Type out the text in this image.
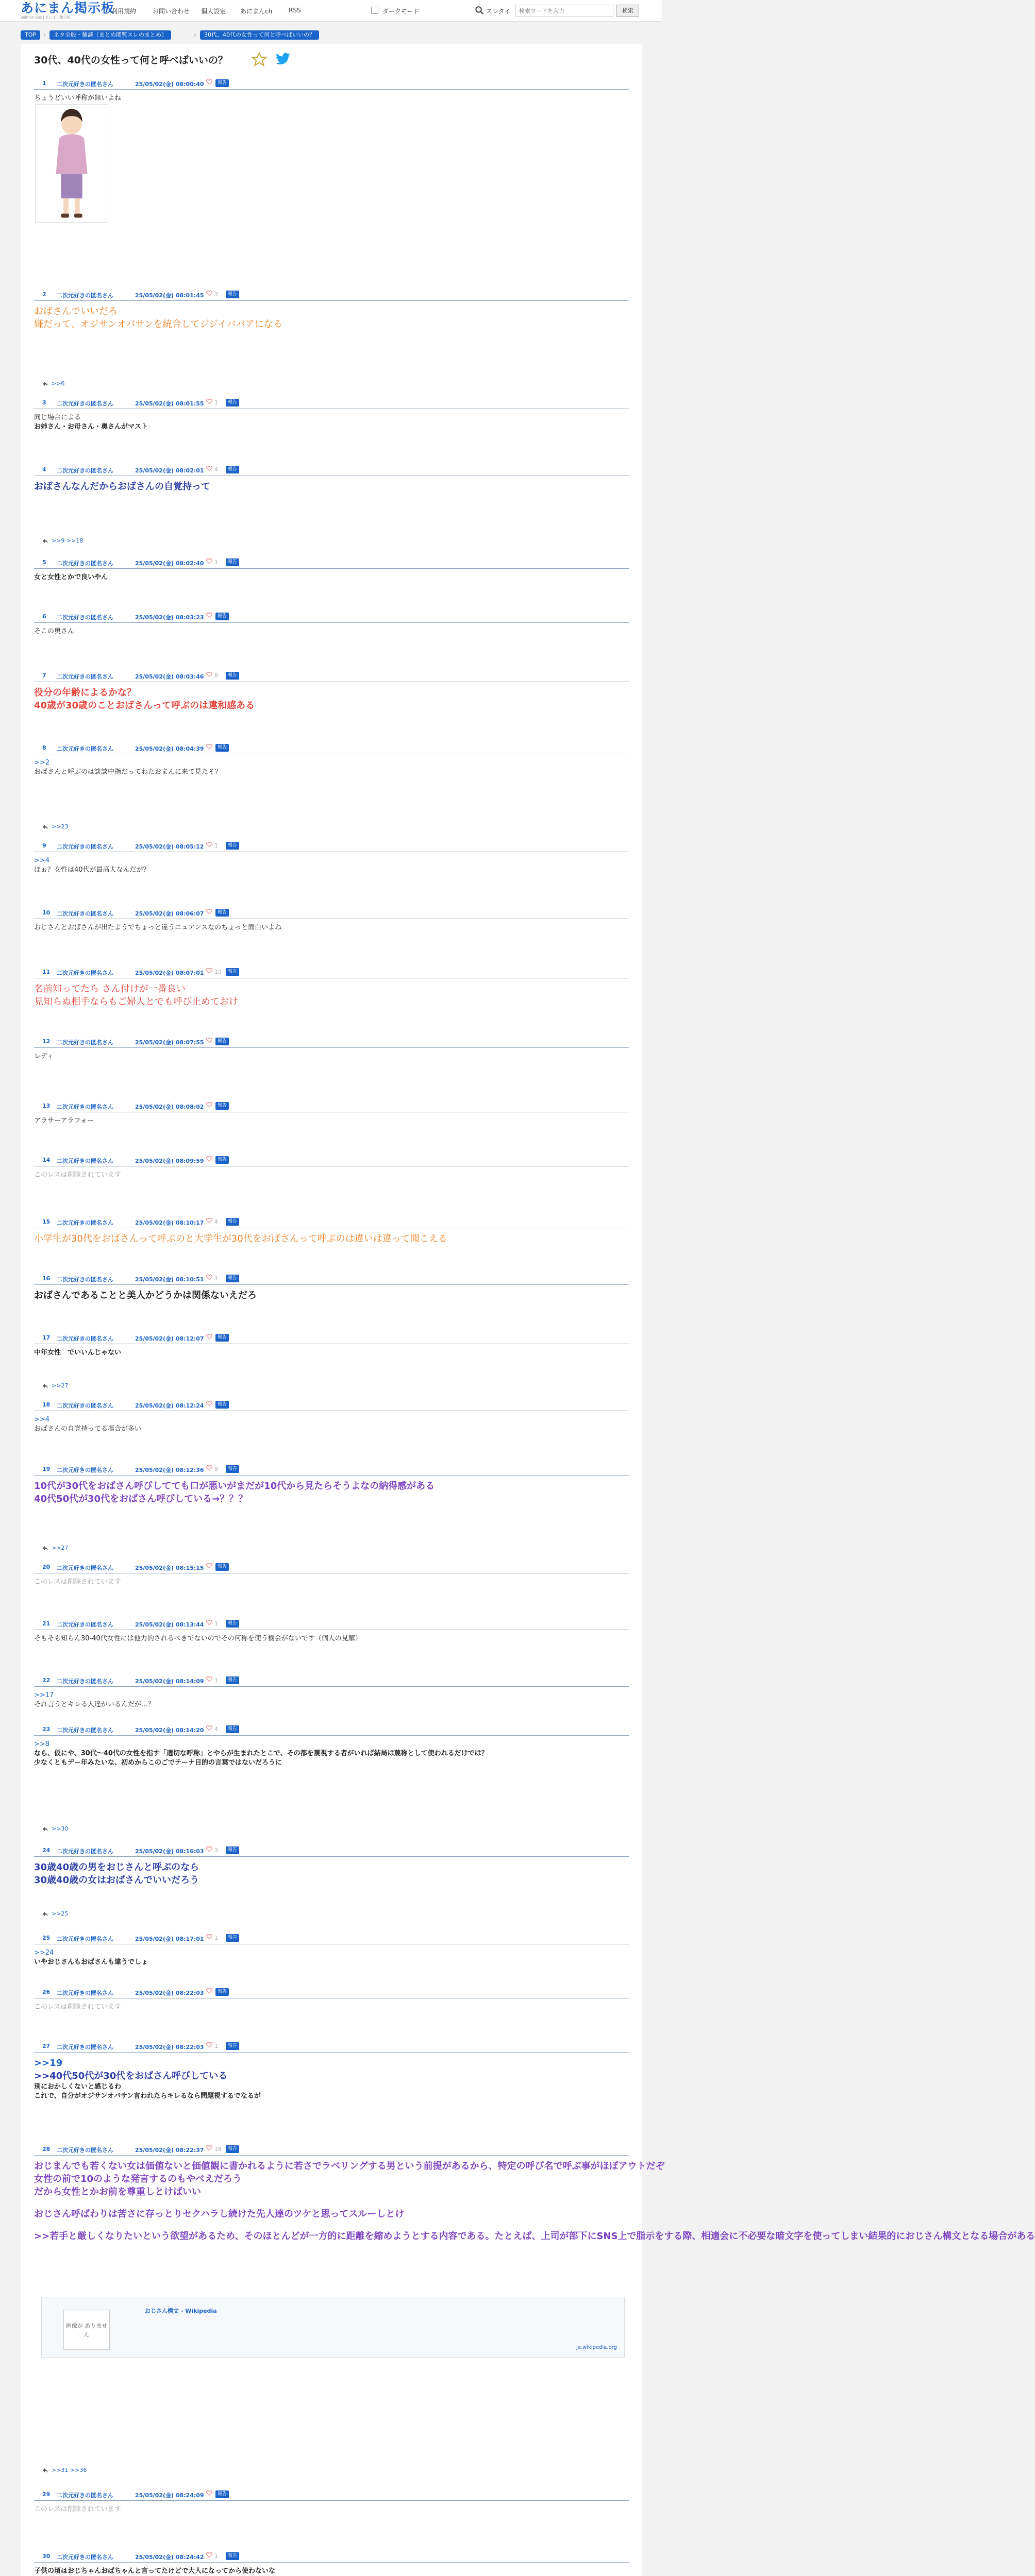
あにまん掲示板
animan bbs | あにまん掲示板
利用規約	お問い合わせ 個人設定 あにまんch	RSS	ダークモード	スレタイ
検索ワードを入力	検索
TOP	›	ネタ全般・雑談（まとめ閲覧スレのまとめ）	›	30代、40代の女性って何と呼べばいいの？
30代、40代の女性って何と呼べばいいの？
1 二次元好きの匿名さん	25/05/02(金) 08:00:40	報告
ちょうどいい呼称が無いよね
2 二次元好きの匿名さん	25/05/02(金) 08:01:45 3	報告
おばさんでいいだろ
嫌だって、オジサンオバサンを統合してジジイババアになる
>>6
3 二次元好きの匿名さん	25/05/02(金) 08:01:55 1	報告
同じ場合による
お姉さん・お母さん・奥さんがマスト
4 二次元好きの匿名さん	25/05/02(金) 08:02:01 4	報告
おばさんなんだからおばさんの自覚持って
>>9 >>18
5 二次元好きの匿名さん	25/05/02(金) 08:02:40 1	報告
女と女性とかで良いやん
6 二次元好きの匿名さん	25/05/02(金) 08:03:23	報告
そこの奥さん
7 二次元好きの匿名さん	25/05/02(金) 08:03:46 8	報告
役分の年齢によるかな？
40歳が30歳のことおばさんって呼ぶのは違和感ある
8 二次元好きの匿名さん	25/05/02(金) 08:04:39	報告
>>2
おばさんと呼ぶのは談談中指だってわたおまんに来て見たそ？
>>23
9 二次元好きの匿名さん	25/05/02(金) 08:05:12 1	報告
>>4
ほぉ？女性は40代が最高大なんだが？
10 二次元好きの匿名さん	25/05/02(金) 08:06:07	報告
おじさんとおばさんが出たようでちょっと違うニュアンスなのちょっと面白いよね
11 二次元好きの匿名さん	25/05/02(金) 08:07:01 10	報告
名前知ってたら さん付けが一番良い
見知らぬ相手ならもご婦人とでも呼び止めておけ
12 二次元好きの匿名さん	25/05/02(金) 08:07:55	報告
レディ
13 二次元好きの匿名さん	25/05/02(金) 08:08:02	報告
アラサーアラフォー
14 二次元好きの匿名さん	25/05/02(金) 08:09:59	報告
このレスは削除されています
15 二次元好きの匿名さん	25/05/02(金) 08:10:17 4	報告
小学生が30代をおばさんって呼ぶのと大学生が30代をおばさんって呼ぶのは違いは違って聞こえる
16 二次元好きの匿名さん	25/05/02(金) 08:10:51 1	報告
おばさんであることと美人かどうかは関係ないえだろ
17 二次元好きの匿名さん	25/05/02(金) 08:12:07	報告
中年女性　でいいんじゃない
>>27
18 二次元好きの匿名さん	25/05/02(金) 08:12:24	報告
>>4
おばさんの自覚持ってる場合が多い
19 二次元好きの匿名さん	25/05/02(金) 08:12:36 8	報告
10代が30代をおばさん呼びしてても口が悪いがまだが10代から見たらそうよなの納得感がある
40代50代が30代をおばさん呼びしている→？？？
>>27
20 二次元好きの匿名さん	25/05/02(金) 08:15:15	報告
このレスは削除されています
21 二次元好きの匿名さん	25/05/02(金) 08:13:44 1	報告
そもそも知らん30-40代女性には他力的されるべきでないのでその何称を使う機会がないです（個人の見解）
22 二次元好きの匿名さん	25/05/02(金) 08:14:09 1	報告
>>17
それ言うとキレる人達がいるんだが…？
23 二次元好きの匿名さん	25/05/02(金) 08:14:20 4	報告
>>8
なら、仮にや、30代〜40代の女性を指す「適切な呼称」とやらが生まれたとこで、その都を蔑視する者がいれば結局は蔑称として使われるだけでは？
少なくともデー年みたいな、初めからこのごでテーナ目的の言葉ではないだろうに
>>30
24 二次元好きの匿名さん	25/05/02(金) 08:16:03 3	報告
30歳40歳の男をおじさんと呼ぶのなら
30歳40歳の女はおばさんでいいだろう
>>25
25 二次元好きの匿名さん	25/05/02(金) 08:17:01 1	報告
>>24
いやおじさんもおばさんも違うでしょ
26 二次元好きの匿名さん	25/05/02(金) 08:22:03	報告
このレスは削除されています
27 二次元好きの匿名さん	25/05/02(金) 08:22:03 1	報告
>>19
>>40代50代が30代をおばさん呼びしている
別におかしくないと感じるわ
これで、自分がオジサンオバサン言われたらキレるなら問題視するでなるが
28 二次元好きの匿名さん	25/05/02(金) 08:22:37 18	報告
おじまんでも若くない女は価値ないと価値観に書かれるように若さでラベリングする男という前提があるから、特定の呼び名で呼ぶ事がほぼアウトだぞ
女性の前で10のような発言するのもやべえだろう
だから女性とかお前を尊重しとけばいい

おじさん呼ばわりは苦さに存っとりセクハラし続けた先人達のツケと思ってスルーしとけ

>>若手と厳しくなりたいという欲望があるため、そのほとんどが一方的に距離を縮めようとする内容である。たとえば、上司が部下にSNS上で脂示をする際、相適会に不必要な暗文字を使ってしまい結果的におじさん構文となる場合がある
画像が ありません
おじさん構文 - Wikipedia
ja.wikipedia.org
>>31 >>36
29 二次元好きの匿名さん	25/05/02(金) 08:24:09	報告
このレスは削除されています
30 二次元好きの匿名さん	25/05/02(金) 08:24:42 1	報告
子供の頃はおじちゃんおばちゃんと言ってたけどで大人になってから使わないな
